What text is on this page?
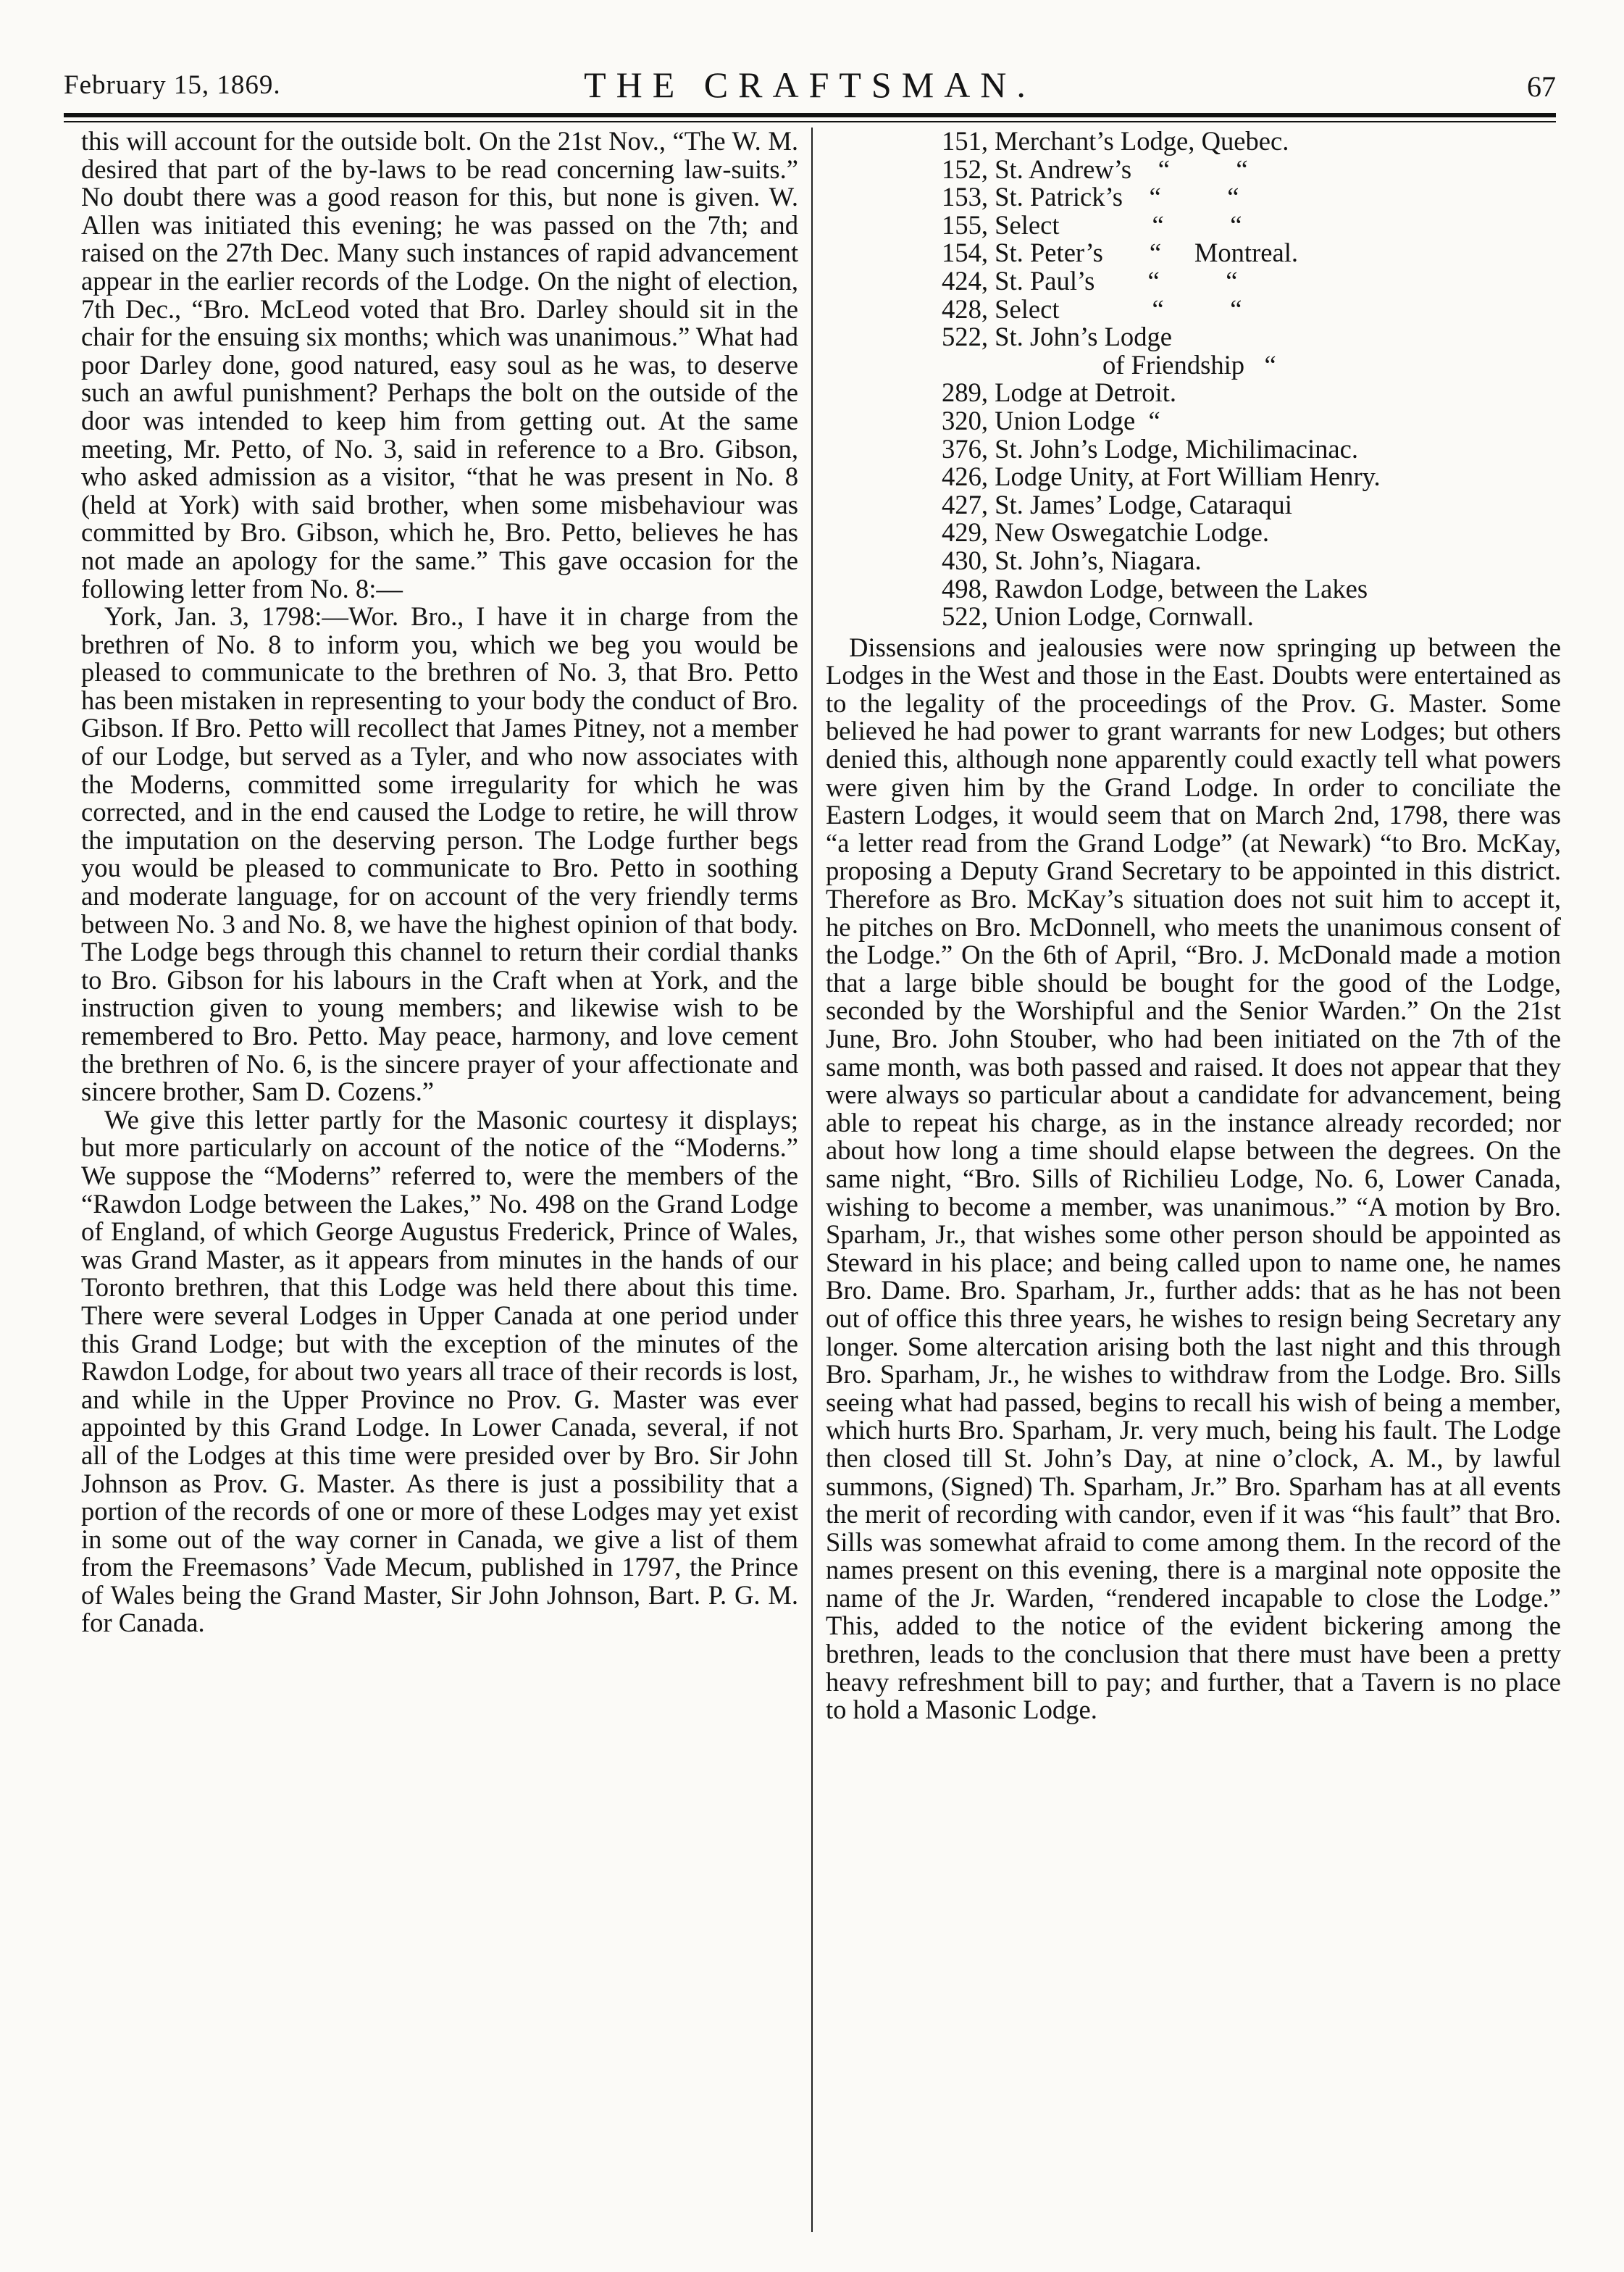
February 15, 1869.	THE CRAFTSMAN.	67

this will account for the outside bolt. On the 21st Nov., “The W. M. desired that part of the by-laws to be read concerning law-suits.” No doubt there was a good reason for this, but none is given. W. Allen was initiated this evening; he was passed on the 7th; and raised on the 27th Dec. Many such instances of rapid advancement appear in the earlier records of the Lodge. On the night of election, 7th Dec., “Bro. McLeod voted that Bro. Darley should sit in the chair for the ensuing six months; which was unanimous.” What had poor Darley done, good natured, easy soul as he was, to deserve such an awful punishment? Perhaps the bolt on the outside of the door was intended to keep him from getting out. At the same meeting, Mr. Petto, of No. 3, said in reference to a Bro. Gibson, who asked admission as a visitor, “that he was present in No. 8 (held at York) with said brother, when some misbehaviour was committed by Bro. Gibson, which he, Bro. Petto, believes he has not made an apology for the same.” This gave occasion for the following letter from No. 8:—

York, Jan. 3, 1798:—Wor. Bro., I have it in charge from the brethren of No. 8 to inform you, which we beg you would be pleased to communicate to the brethren of No. 3, that Bro. Petto has been mistaken in representing to your body the conduct of Bro. Gibson. If Bro. Petto will recollect that James Pitney, not a member of our Lodge, but served as a Tyler, and who now associates with the Moderns, committed some irregularity for which he was corrected, and in the end caused the Lodge to retire, he will throw the imputation on the deserving person. The Lodge further begs you would be pleased to communicate to Bro. Petto in soothing and moderate language, for on account of the very friendly terms between No. 3 and No. 8, we have the highest opinion of that body. The Lodge begs through this channel to return their cordial thanks to Bro. Gibson for his labours in the Craft when at York, and the instruction given to young members; and likewise wish to be remembered to Bro. Petto. May peace, harmony, and love cement the brethren of No. 6, is the sincere prayer of your affectionate and sincere brother, Sam D. Cozens.”

We give this letter partly for the Masonic courtesy it displays; but more particularly on account of the notice of the “Moderns.” We suppose the “Moderns” referred to, were the members of the “Rawdon Lodge between the Lakes,” No. 498 on the Grand Lodge of England, of which George Augustus Frederick, Prince of Wales, was Grand Master, as it appears from minutes in the hands of our Toronto brethren, that this Lodge was held there about this time. There were several Lodges in Upper Canada at one period under this Grand Lodge; but with the exception of the minutes of the Rawdon Lodge, for about two years all trace of their records is lost, and while in the Upper Province no Prov. G. Master was ever appointed by this Grand Lodge. In Lower Canada, several, if not all of the Lodges at this time were presided over by Bro. Sir John Johnson as Prov. G. Master. As there is just a possibility that a portion of the records of one or more of these Lodges may yet exist in some out of the way corner in Canada, we give a list of them from the Freemasons’ Vade Mecum, published in 1797, the Prince of Wales being the Grand Master, Sir John Johnson, Bart. P. G. M. for Canada.

151, Merchant’s Lodge, Quebec.
152, St. Andrew’s    “          “
153, St. Patrick’s    “          “
155, Select              “          “
154, St. Peter’s       “     Montreal.
424, St. Paul’s        “          “
428, Select              “          “
522, St. John’s Lodge
of Friendship   “
289, Lodge at Detroit.
320, Union Lodge  “
376, St. John’s Lodge, Michilimacinac.
426, Lodge Unity, at Fort William Henry.
427, St. James’ Lodge, Cataraqui
429, New Oswegatchie Lodge.
430, St. John’s, Niagara.
498, Rawdon Lodge, between the Lakes
522, Union Lodge, Cornwall.

Dissensions and jealousies were now springing up between the Lodges in the West and those in the East. Doubts were entertained as to the legality of the proceedings of the Prov. G. Master. Some believed he had power to grant warrants for new Lodges; but others denied this, although none apparently could exactly tell what powers were given him by the Grand Lodge. In order to conciliate the Eastern Lodges, it would seem that on March 2nd, 1798, there was “a letter read from the Grand Lodge” (at Newark) “to Bro. McKay, proposing a Deputy Grand Secretary to be appointed in this district. Therefore as Bro. McKay’s situation does not suit him to accept it, he pitches on Bro. McDonnell, who meets the unanimous consent of the Lodge.” On the 6th of April, “Bro. J. McDonald made a motion that a large bible should be bought for the good of the Lodge, seconded by the Worshipful and the Senior Warden.” On the 21st June, Bro. John Stouber, who had been initiated on the 7th of the same month, was both passed and raised. It does not appear that they were always so particular about a candidate for advancement, being able to repeat his charge, as in the instance already recorded; nor about how long a time should elapse between the degrees. On the same night, “Bro. Sills of Richilieu Lodge, No. 6, Lower Canada, wishing to become a member, was unanimous.” “A motion by Bro. Sparham, Jr., that wishes some other person should be appointed as Steward in his place; and being called upon to name one, he names Bro. Dame. Bro. Sparham, Jr., further adds: that as he has not been out of office this three years, he wishes to resign being Secretary any longer. Some altercation arising both the last night and this through Bro. Sparham, Jr., he wishes to withdraw from the Lodge. Bro. Sills seeing what had passed, begins to recall his wish of being a member, which hurts Bro. Sparham, Jr. very much, being his fault. The Lodge then closed till St. John’s Day, at nine o’clock, A. M., by lawful summons, (Signed) Th. Sparham, Jr.” Bro. Sparham has at all events the merit of recording with candor, even if it was “his fault” that Bro. Sills was somewhat afraid to come among them. In the record of the names present on this evening, there is a marginal note opposite the name of the Jr. Warden, “rendered incapable to close the Lodge.” This, added to the notice of the evident bickering among the brethren, leads to the conclusion that there must have been a pretty heavy refreshment bill to pay; and further, that a Tavern is no place to hold a Masonic Lodge.
